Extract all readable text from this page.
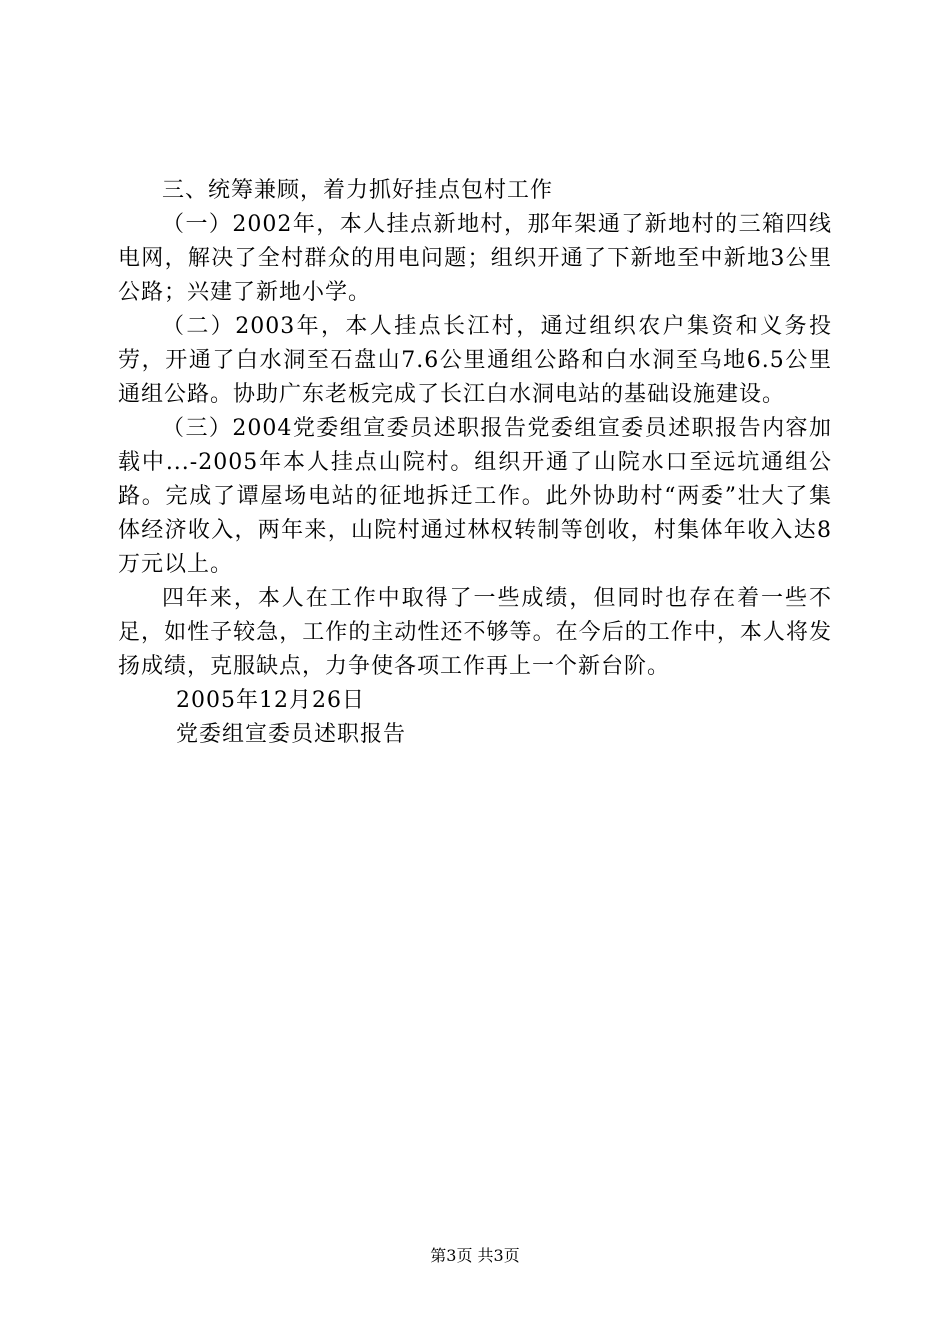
三、统筹兼顾，着力抓好挂点包村工作

（一）2002年，本人挂点新地村，那年架通了新地村的三箱四线电网，解决了全村群众的用电问题；组织开通了下新地至中新地3公里公路；兴建了新地小学。

（二）2003年，本人挂点长江村，通过组织农户集资和义务投劳，开通了白水洞至石盘山7.6公里通组公路和白水洞至乌地6.5公里通组公路。协助广东老板完成了长江白水洞电站的基础设施建设。

（三）2004党委组宣委员述职报告党委组宣委员述职报告内容加载中...-2005年本人挂点山院村。组织开通了山院水口至远坑通组公路。完成了谭屋场电站的征地拆迁工作。此外协助村“两委”壮大了集体经济收入，两年来，山院村通过林权转制等创收，村集体年收入达8万元以上。

四年来，本人在工作中取得了一些成绩，但同时也存在着一些不足，如性子较急，工作的主动性还不够等。在今后的工作中，本人将发扬成绩，克服缺点，力争使各项工作再上一个新台阶。

2005年12月26日

党委组宣委员述职报告

第3页 共3页
